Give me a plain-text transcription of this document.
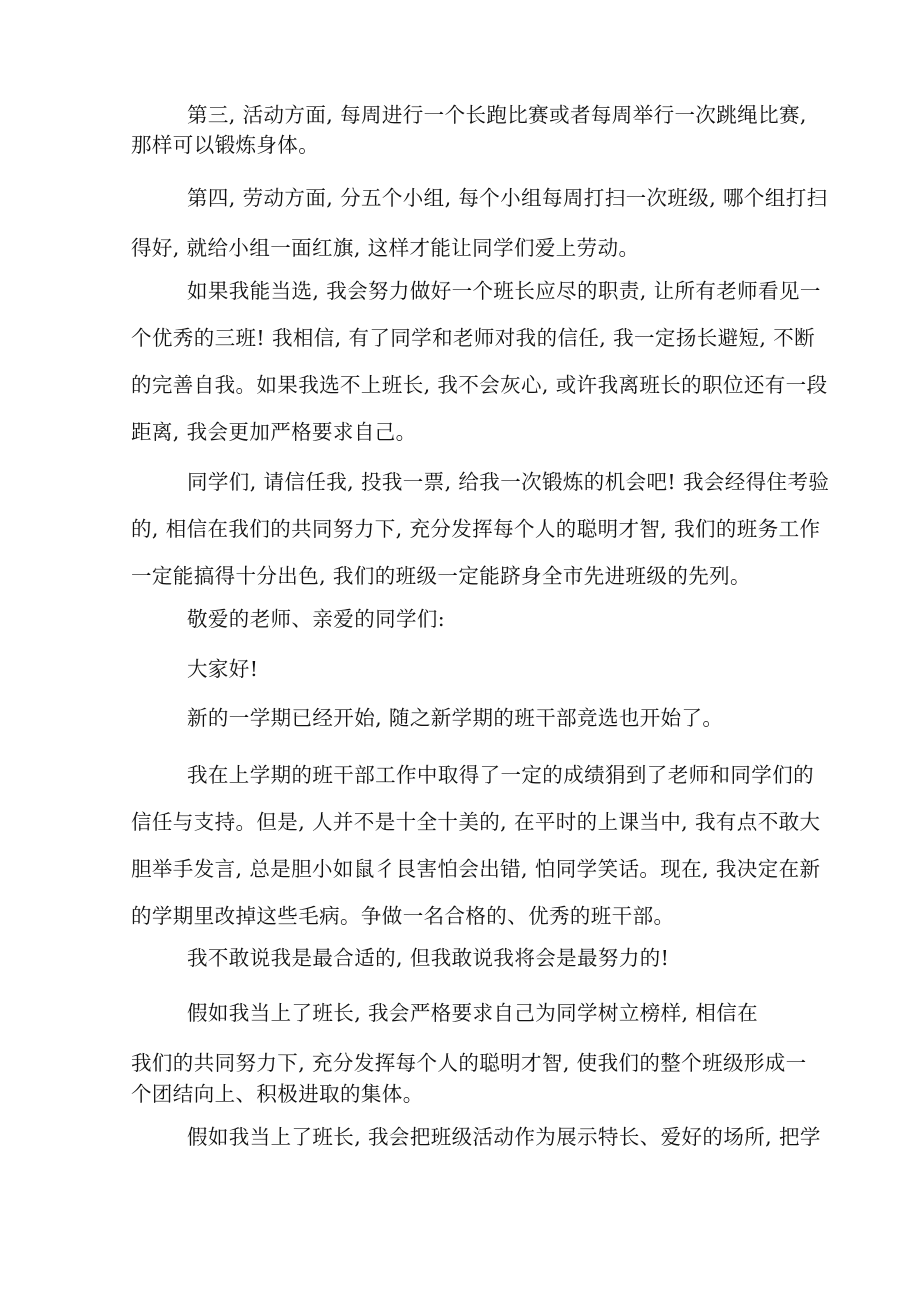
第三, 活动方面, 每周进行一个长跑比赛或者每周举行一次跳绳比赛,
那样可以锻炼身体。

第四, 劳动方面, 分五个小组, 每个小组每周打扫一次班级, 哪个组打扫
得好, 就给小组一面红旗, 这样才能让同学们爱上劳动。

如果我能当选, 我会努力做好一个班长应尽的职责, 让所有老师看见一
个优秀的三班! 我相信, 有了同学和老师对我的信任, 我一定扬长避短, 不断
的完善自我。如果我选不上班长, 我不会灰心, 或许我离班长的职位还有一段
距离, 我会更加严格要求自己。

同学们, 请信任我, 投我一票, 给我一次锻炼的机会吧! 我会经得住考验
的, 相信在我们的共同努力下, 充分发挥每个人的聪明才智, 我们的班务工作
一定能搞得十分出色, 我们的班级一定能跻身全市先进班级的先列。

敬爱的老师、亲爱的同学们:

大家好!

新的一学期已经开始, 随之新学期的班干部竞选也开始了。

我在上学期的班干部工作中取得了一定的成绩狷到了老师和同学们的
信任与支持。但是, 人并不是十全十美的, 在平时的上课当中, 我有点不敢大
胆举手发言, 总是胆小如鼠彳艮害怕会出错, 怕同学笑话。现在, 我决定在新
的学期里改掉这些毛病。争做一名合格的、优秀的班干部。

我不敢说我是最合适的, 但我敢说我将会是最努力的!

假如我当上了班长, 我会严格要求自己为同学树立榜样, 相信在

我们的共同努力下, 充分发挥每个人的聪明才智, 使我们的整个班级形成一
个团结向上、积极进取的集体。

假如我当上了班长, 我会把班级活动作为展示特长、爱好的场所, 把学
